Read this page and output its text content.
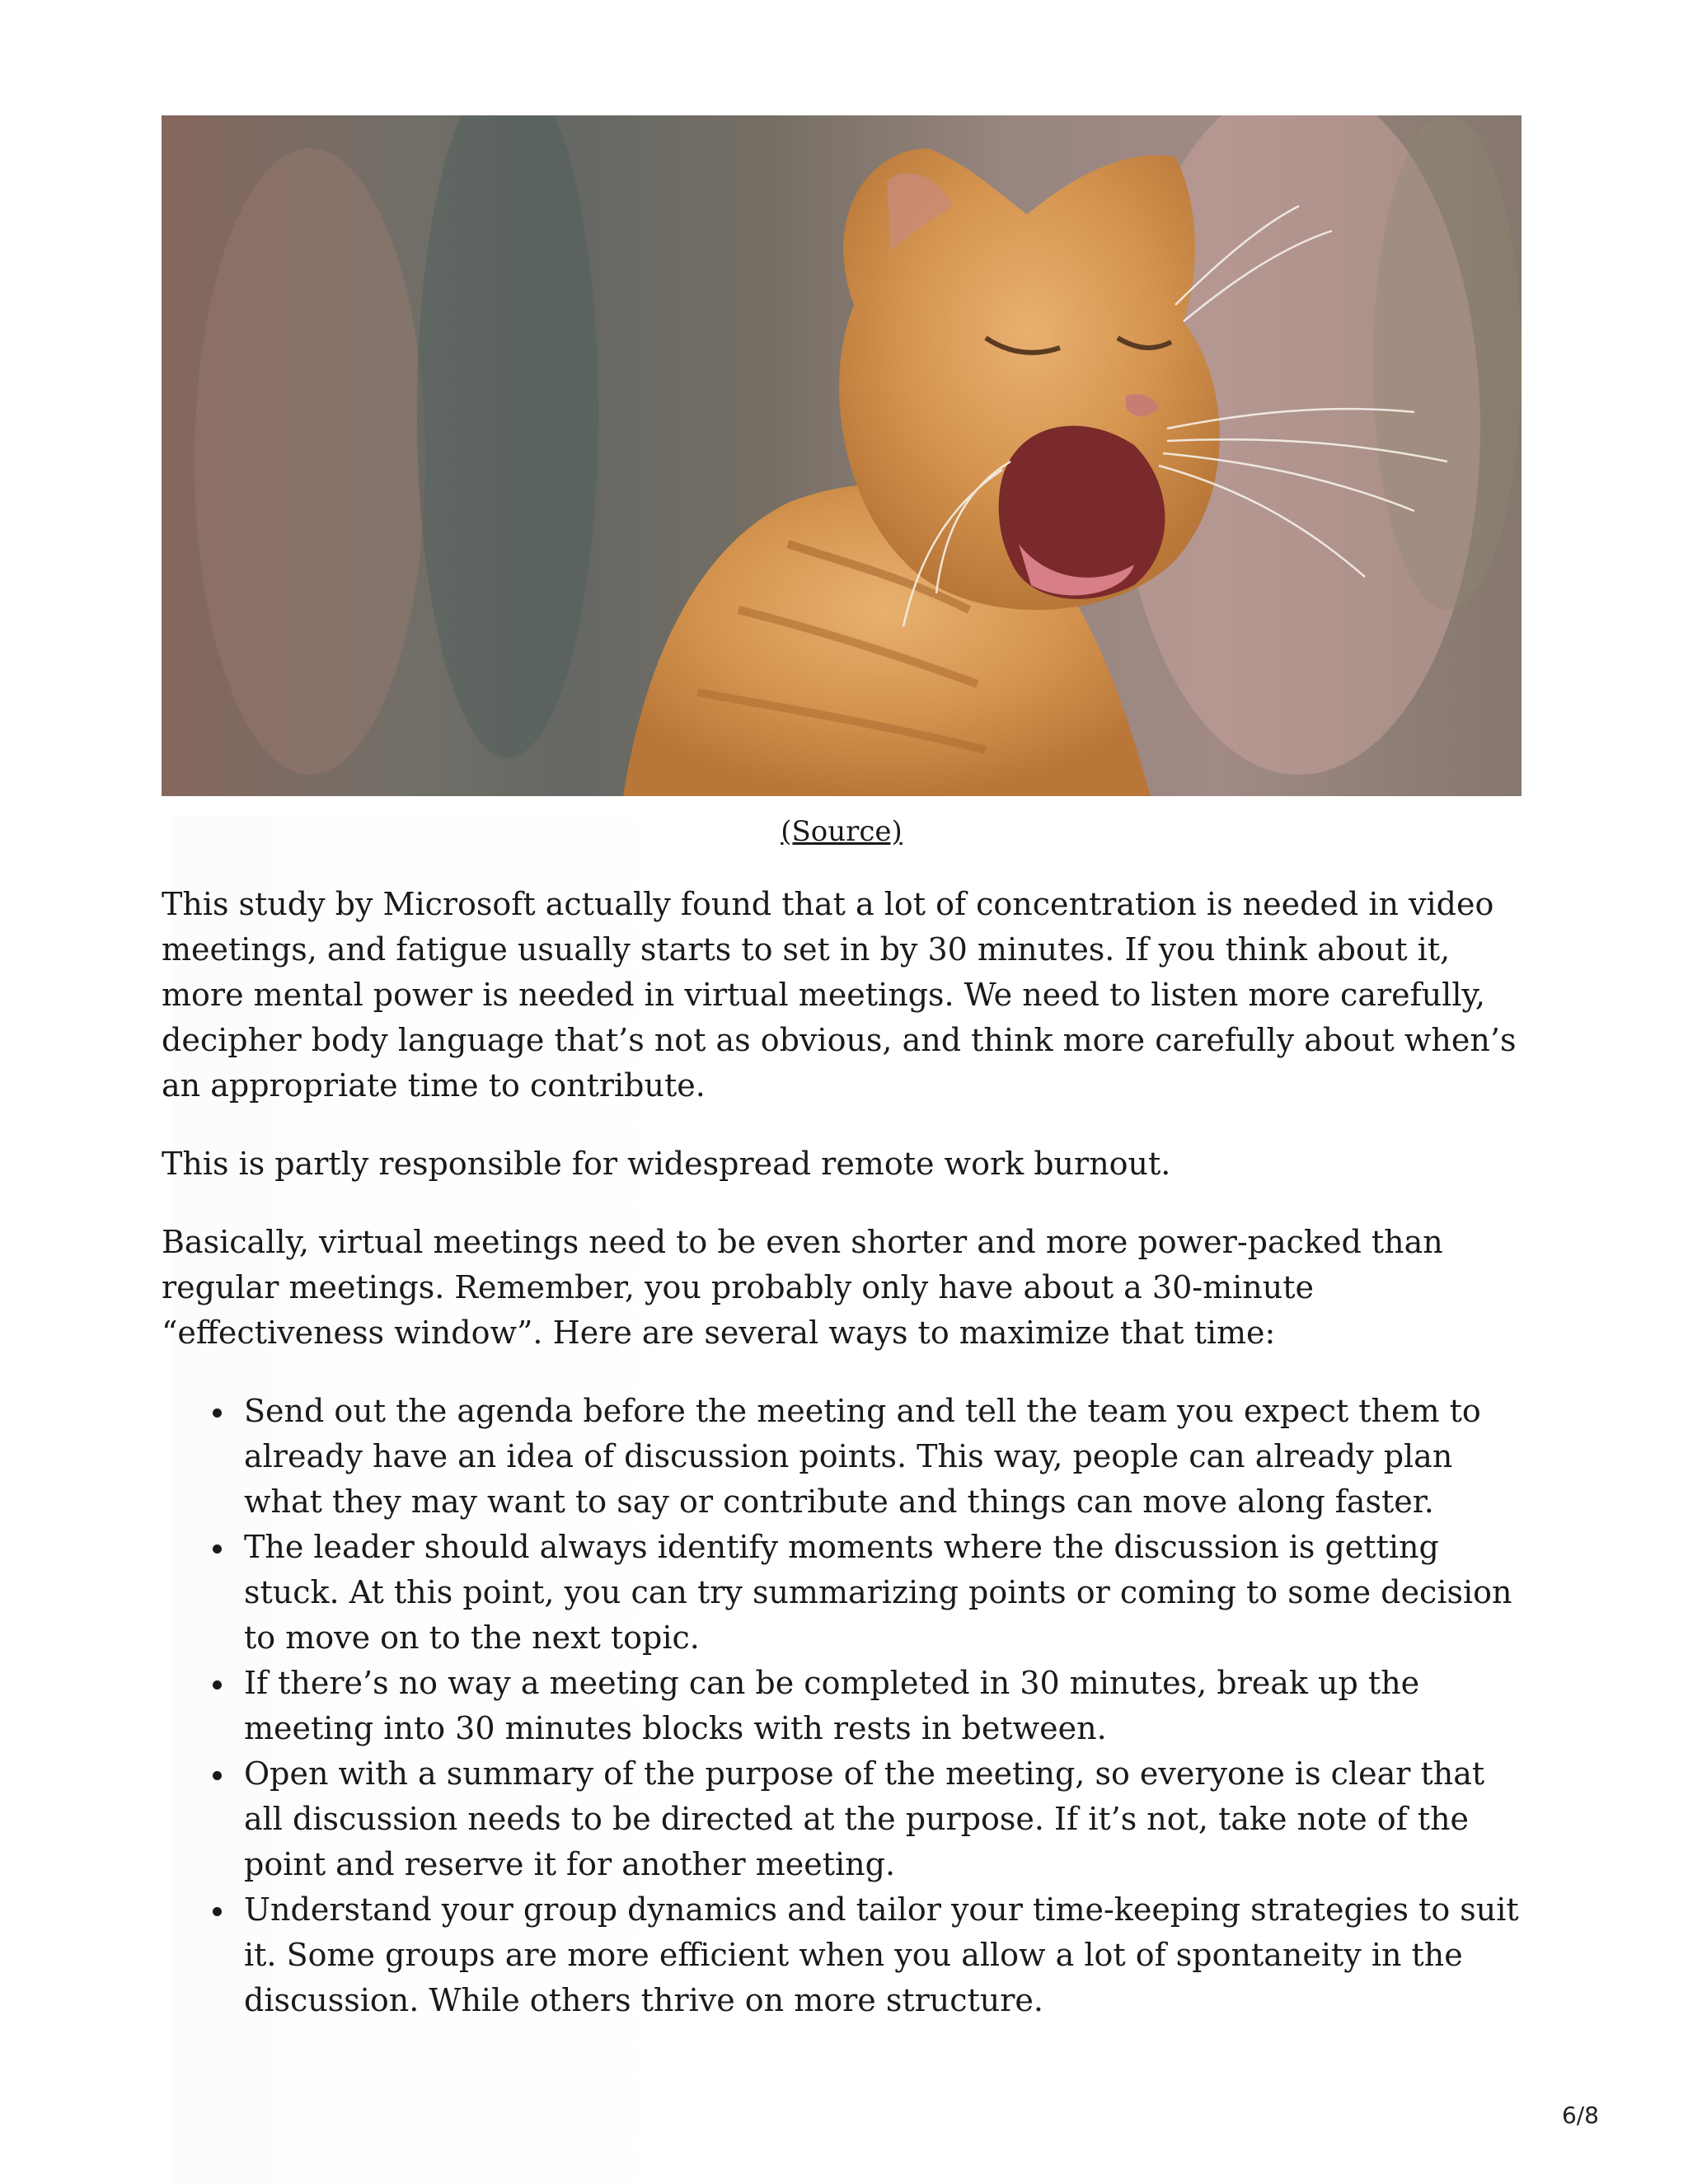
(Source)

This study by Microsoft actually found that a lot of concentration is needed in video meetings, and fatigue usually starts to set in by 30 minutes. If you think about it, more mental power is needed in virtual meetings. We need to listen more carefully, decipher body language that’s not as obvious, and think more carefully about when’s an appropriate time to contribute.

This is partly responsible for widespread remote work burnout.

Basically, virtual meetings need to be even shorter and more power-packed than regular meetings. Remember, you probably only have about a 30-minute “effectiveness window”. Here are several ways to maximize that time:

Send out the agenda before the meeting and tell the team you expect them to already have an idea of discussion points. This way, people can already plan what they may want to say or contribute and things can move along faster.
The leader should always identify moments where the discussion is getting stuck. At this point, you can try summarizing points or coming to some decision to move on to the next topic.
If there’s no way a meeting can be completed in 30 minutes, break up the meeting into 30 minutes blocks with rests in between.
Open with a summary of the purpose of the meeting, so everyone is clear that all discussion needs to be directed at the purpose. If it’s not, take note of the point and reserve it for another meeting.
Understand your group dynamics and tailor your time-keeping strategies to suit it. Some groups are more efficient when you allow a lot of spontaneity in the discussion. While others thrive on more structure.
6/8
